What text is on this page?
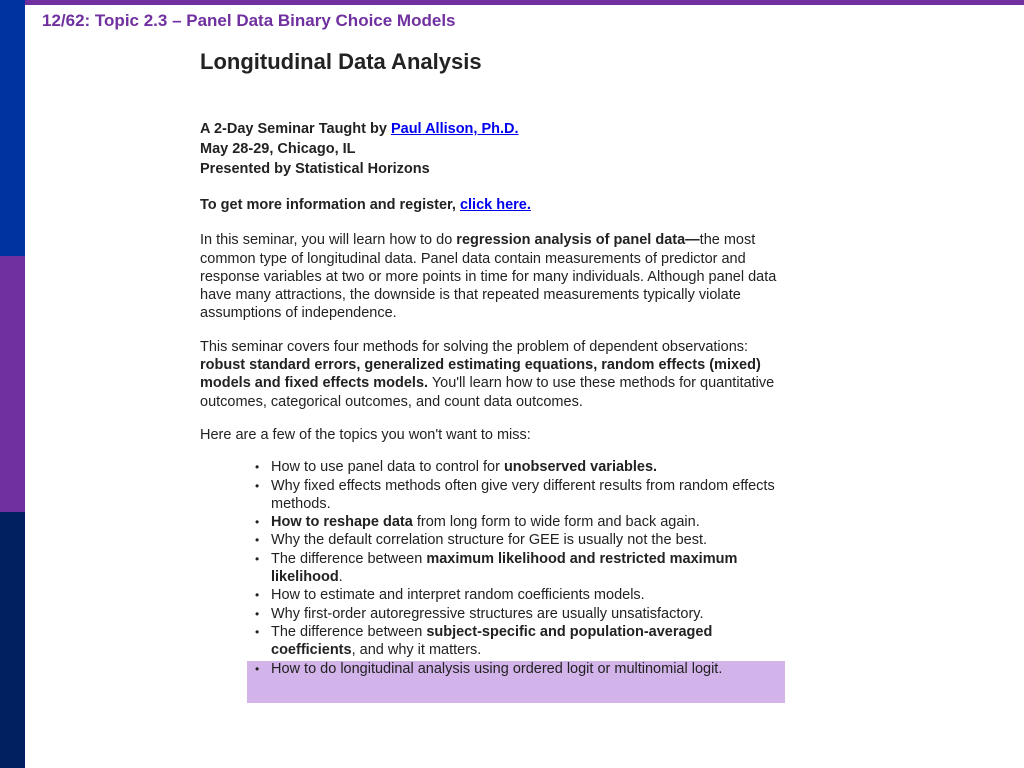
12/62: Topic 2.3 – Panel Data Binary Choice Models
Longitudinal Data Analysis
A 2-Day Seminar Taught by Paul Allison, Ph.D.
May 28-29, Chicago, IL
Presented by Statistical Horizons
To get more information and register, click here.
In this seminar, you will learn how to do regression analysis of panel data—the most common type of longitudinal data. Panel data contain measurements of predictor and response variables at two or more points in time for many individuals. Although panel data have many attractions, the downside is that repeated measurements typically violate assumptions of independence.
This seminar covers four methods for solving the problem of dependent observations: robust standard errors, generalized estimating equations, random effects (mixed) models and fixed effects models. You'll learn how to use these methods for quantitative outcomes, categorical outcomes, and count data outcomes.
Here are a few of the topics you won't want to miss:
• How to use panel data to control for unobserved variables.
• Why fixed effects methods often give very different results from random effects methods.
• How to reshape data from long form to wide form and back again.
• Why the default correlation structure for GEE is usually not the best.
• The difference between maximum likelihood and restricted maximum likelihood.
• How to estimate and interpret random coefficients models.
• Why first-order autoregressive structures are usually unsatisfactory.
• The difference between subject-specific and population-averaged coefficients, and why it matters.
• How to do longitudinal analysis using ordered logit or multinomial logit.
